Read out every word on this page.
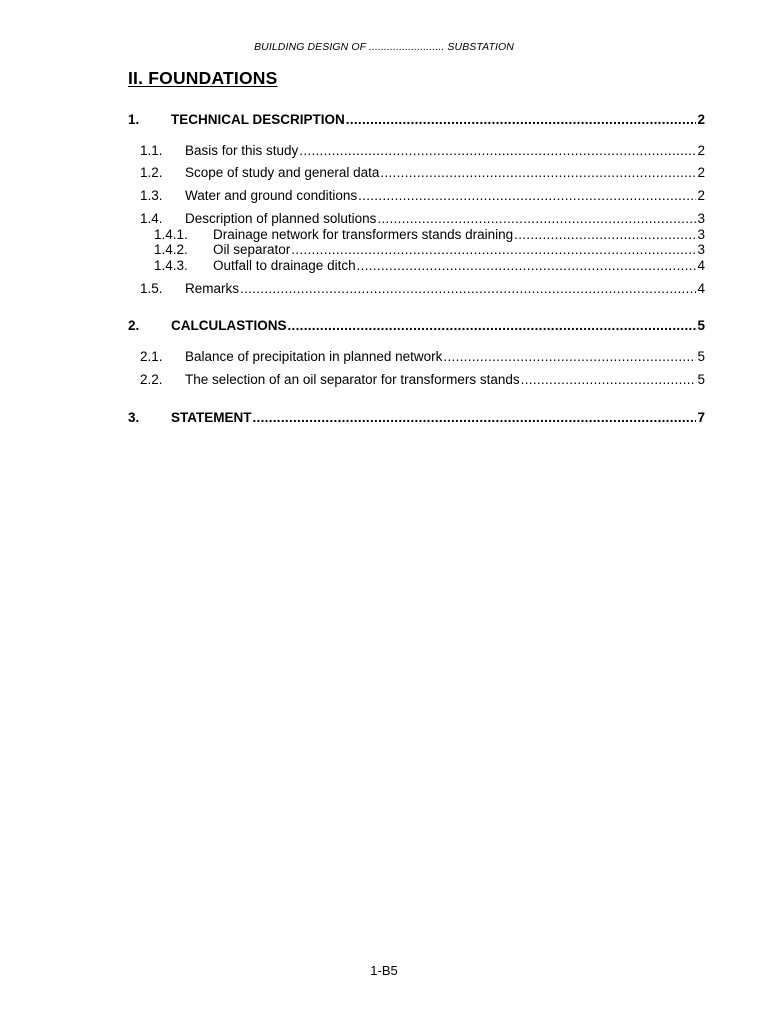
BUILDING DESIGN OF ......................... SUBSTATION
II. FOUNDATIONS
1.	TECHNICAL DESCRIPTION .....	2
1.1.	Basis for this study .....	2
1.2.	Scope of study and general data .....	2
1.3.	Water and ground conditions .....	2
1.4.	Description of planned solutions .....	3
1.4.1.	Drainage network for transformers stands draining .....	3
1.4.2.	Oil separator .....	3
1.4.3.	Outfall to drainage ditch .....	4
1.5.	Remarks .....	4
2.	CALCULASTIONS .....	5
2.1.	Balance of precipitation in planned network .....	5
2.2.	The selection of an oil separator for transformers stands .....	5
3.	STATEMENT .....	7
1-B5
